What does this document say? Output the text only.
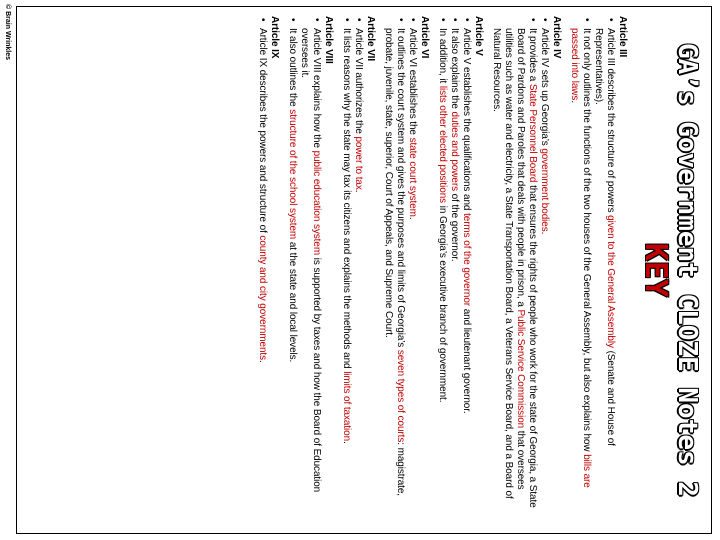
GA’s Government CLOZE Notes 2
KEY
Article III
• Article III describes the structure of powers given to the General Assembly (Senate and House of Representatives).
• It not only outlines the functions of the two houses of the General Assembly, but also explains how bills are passed into laws.
Article IV
• Article IV sets up Georgia’s government bodies.
• It provides a State Personnel Board that ensures the rights of people who work for the state of Georgia, a State Board of Pardons and Paroles that deals with people in prison, a Public Service Commission that oversees utilities such as water and electricity, a State Transportation Board, a Veterans Service Board, and a Board of Natural Resources.
Article V
• Article V establishes the qualifications and terms of the governor and lieutenant governor.
• It also explains the duties and powers of the governor.
• In addition, it lists other elected positions in Georgia’s executive branch of government.
Article VI
• Article VI establishes the state court system.
• It outlines the court system and gives the purposes and limits of Georgia’s seven types of courts: magistrate, probate, juvenile, state, superior, Court of Appeals, and Supreme Court.
Article VII
• Article VII authorizes the power to tax.
• It lists reasons why the state may tax its citizens and explains the methods and limits of taxation.
Article VIII
• Article VIII explains how the public education system is supported by taxes and how the Board of Education oversees it.
• It also outlines the structure of the school system at the state and local levels.
Article IX
• Article IX describes the powers and structure of county and city governments.
© Brain Wrinkles
